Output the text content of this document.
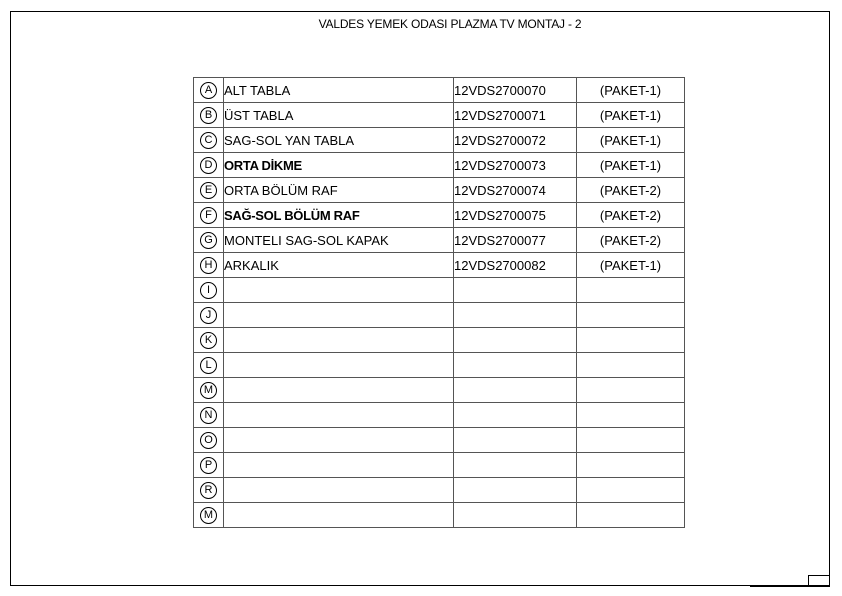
VALDES YEMEK ODASI PLAZMA TV MONTAJ - 2
A	ALT TABLA	12VDS2700070	(PAKET-1)
B	ÜST TABLA	12VDS2700071	(PAKET-1)
C	SAG-SOL YAN TABLA	12VDS2700072	(PAKET-1)
D	ORTA DİKME	12VDS2700073	(PAKET-1)
E	ORTA BÖLÜM RAF	12VDS2700074	(PAKET-2)
F	SAĞ-SOL BÖLÜM RAF	12VDS2700075	(PAKET-2)
G	MONTELI SAG-SOL KAPAK	12VDS2700077	(PAKET-2)
H	ARKALIK	12VDS2700082	(PAKET-1)
I			
J			
K			
L			
M			
N			
O			
P			
R			
M			
